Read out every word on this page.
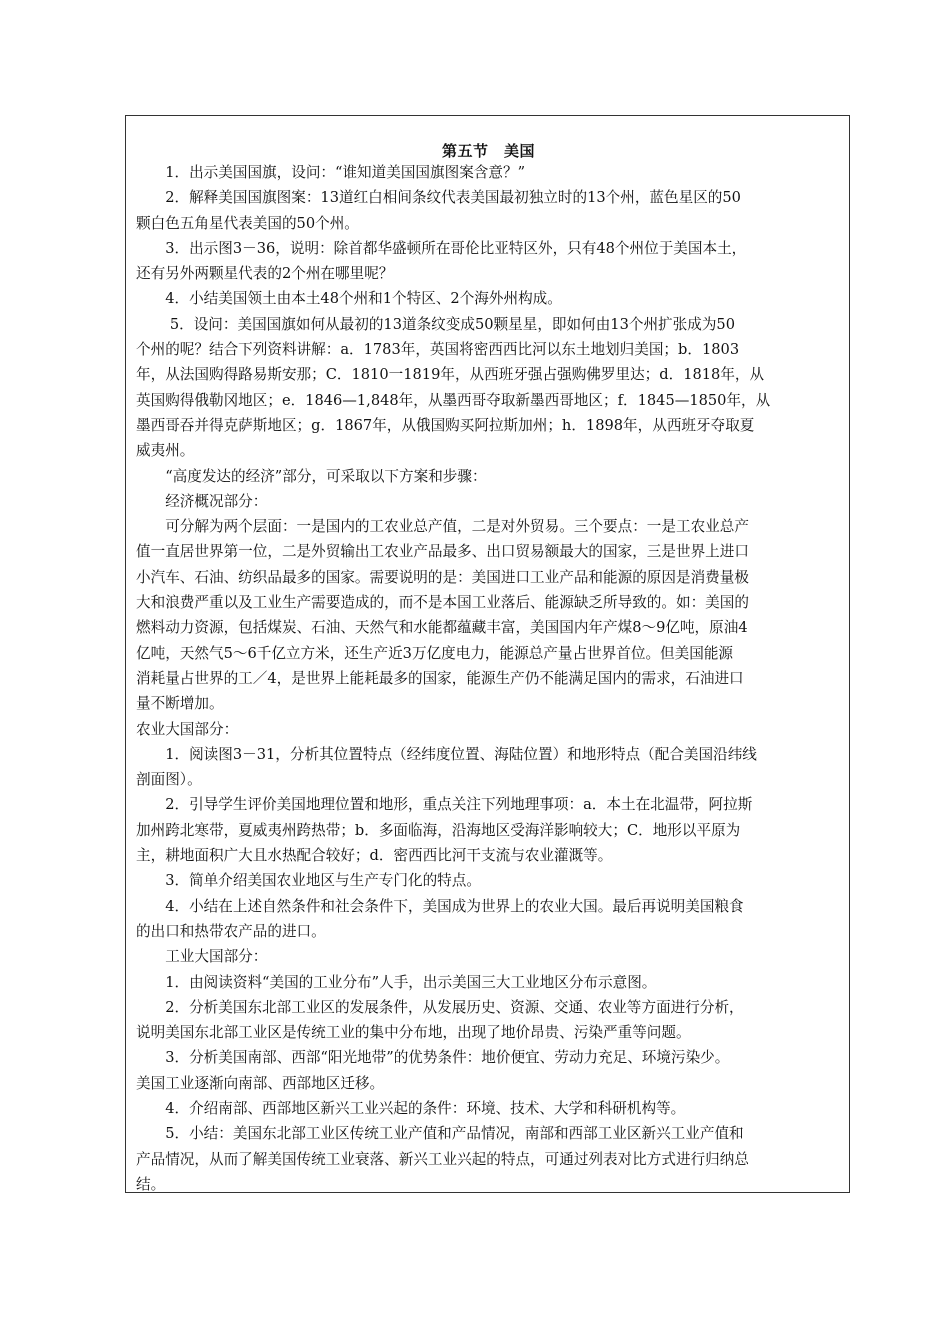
第五节　美国

　　1．出示美国国旗，设问：“谁知道美国国旗图案含意？”

　　2．解释美国国旗图案：13道红白相间条纹代表美国最初独立时的13个州，蓝色星区的50

颗白色五角星代表美国的50个州。

　　3．出示图3－36，说明：除首都华盛顿所在哥伦比亚特区外，只有48个州位于美国本土，

还有另外两颗星代表的2个州在哪里呢？

　　4．小结美国领土由本土48个州和1个特区、2个海外州构成。

　　 5．设问：美国国旗如何从最初的13道条纹变成50颗星星，即如何由13个州扩张成为50

个州的呢？结合下列资料讲解：a．1783年，英国将密西西比河以东土地划归美国；b．1803

年，从法国购得路易斯安那；C．1810一1819年，从西班牙强占强购佛罗里达；d．1818年，从

英国购得俄勒冈地区；e．1846—1,848年，从墨西哥夺取新墨西哥地区；f．1845—1850年，从

墨西哥吞并得克萨斯地区；g．1867年，从俄国购买阿拉斯加州；h．1898年，从西班牙夺取夏

威夷州。

　　“高度发达的经济”部分，可采取以下方案和步骤：

　　经济概况部分：

　　可分解为两个层面：一是国内的工农业总产值，二是对外贸易。三个要点：一是工农业总产

值一直居世界第一位，二是外贸输出工农业产品最多、出口贸易额最大的国家，三是世界上进口

小汽车、石油、纺织品最多的国家。需要说明的是：美国进口工业产品和能源的原因是消费量极

大和浪费严重以及工业生产需要造成的，而不是本国工业落后、能源缺乏所导致的。如：美国的

燃料动力资源，包括煤炭、石油、天然气和水能都蕴藏丰富，美国国内年产煤8～9亿吨，原油4

亿吨，天然气5～6千亿立方米，还生产近3万亿度电力，能源总产量占世界首位。但美国能源

消耗量占世界的工／4，是世界上能耗最多的国家，能源生产仍不能满足国内的需求，石油进口

量不断增加。

农业大国部分：

　　1．阅读图3－31，分析其位置特点（经纬度位置、海陆位置）和地形特点（配合美国沿纬线

剖面图）。

　　2．引导学生评价美国地理位置和地形，重点关注下列地理事项：a．本土在北温带，阿拉斯

加州跨北寒带，夏威夷州跨热带；b．多面临海，沿海地区受海洋影响较大；C．地形以平原为

主，耕地面积广大且水热配合较好；d．密西西比河干支流与农业灌溉等。

　　3．简单介绍美国农业地区与生产专门化的特点。

　　4．小结在上述自然条件和社会条件下，美国成为世界上的农业大国。最后再说明美国粮食

的出口和热带农产品的进口。

　　工业大国部分：

　　1．由阅读资料“美国的工业分布”人手，出示美国三大工业地区分布示意图。

　　2．分析美国东北部工业区的发展条件，从发展历史、资源、交通、农业等方面进行分析，

说明美国东北部工业区是传统工业的集中分布地，出现了地价昂贵、污染严重等问题。

　　3．分析美国南部、西部“阳光地带”的优势条件：地价便宜、劳动力充足、环境污染少。

美国工业逐渐向南部、西部地区迁移。

　　4．介绍南部、西部地区新兴工业兴起的条件：环境、技术、大学和科研机构等。

　　5．小结：美国东北部工业区传统工业产值和产品情况，南部和西部工业区新兴工业产值和

产品情况，从而了解美国传统工业衰落、新兴工业兴起的特点，可通过列表对比方式进行归纳总

结。
